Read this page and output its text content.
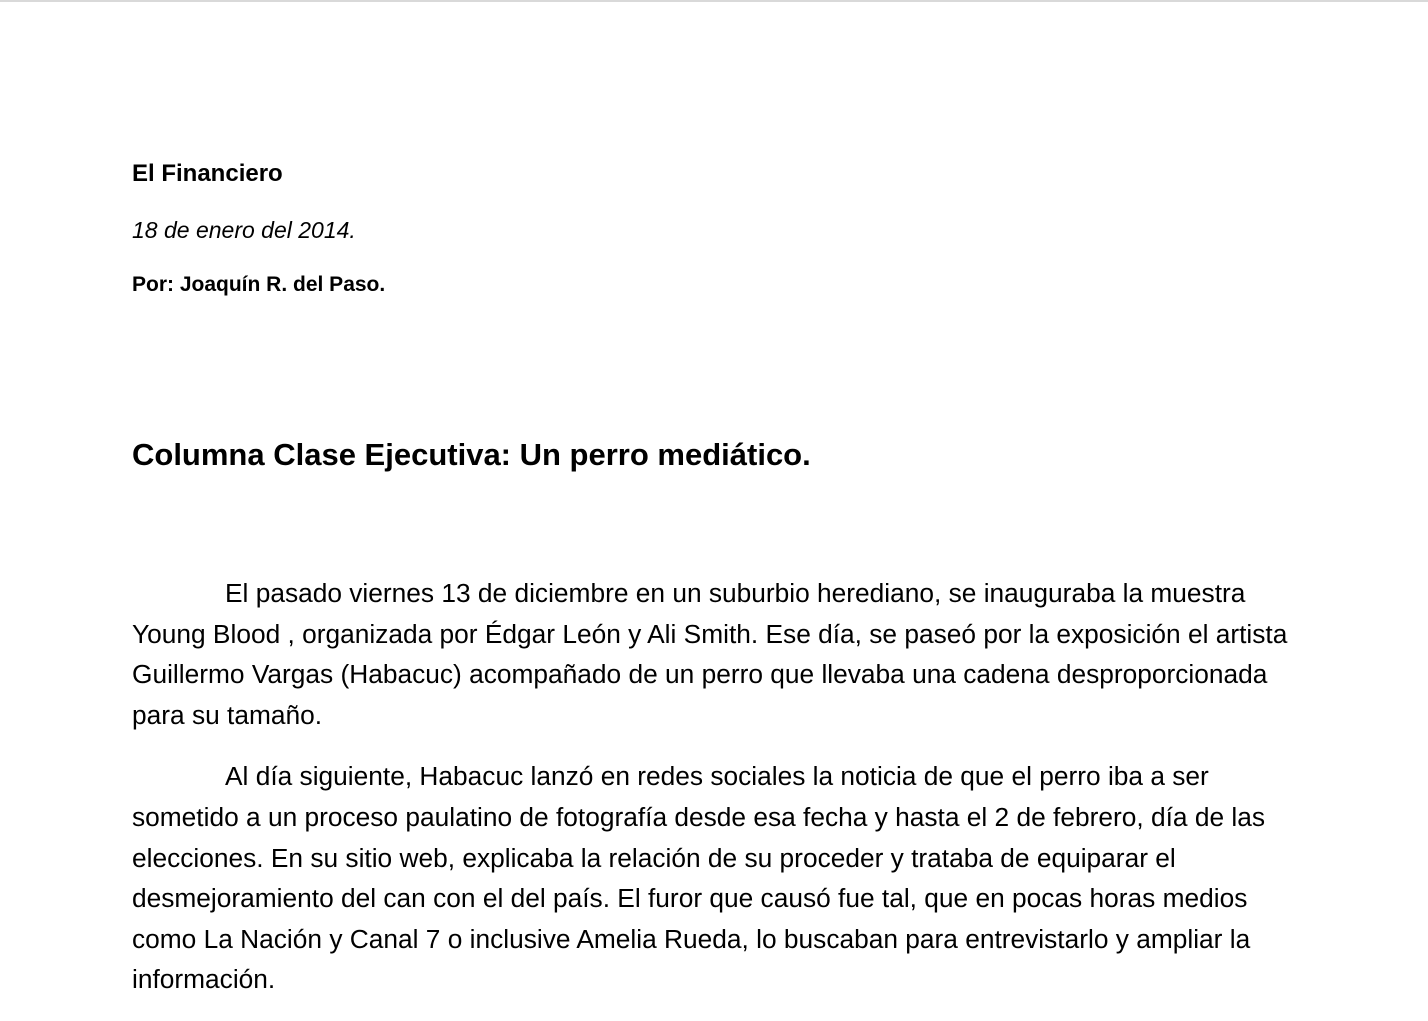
El Financiero
18 de enero del 2014.
Por: Joaquín R. del Paso.
Columna Clase Ejecutiva: Un perro mediático.

El pasado viernes 13 de diciembre en un suburbio herediano, se inauguraba la muestra Young Blood , organizada por Édgar León y Ali Smith. Ese día, se paseó por la exposición el artista Guillermo Vargas (Habacuc) acompañado de un perro que llevaba una cadena desproporcionada para su tamaño.

Al día siguiente, Habacuc lanzó en redes sociales la noticia de que el perro iba a ser sometido a un proceso paulatino de fotografía desde esa fecha y hasta el 2 de febrero, día de las elecciones. En su sitio web, explicaba la relación de su proceder y trataba de equiparar el desmejoramiento del can con el del país. El furor que causó fue tal, que en pocas horas medios como La Nación y Canal 7 o inclusive Amelia Rueda, lo buscaban para entrevistarlo y ampliar la información.
